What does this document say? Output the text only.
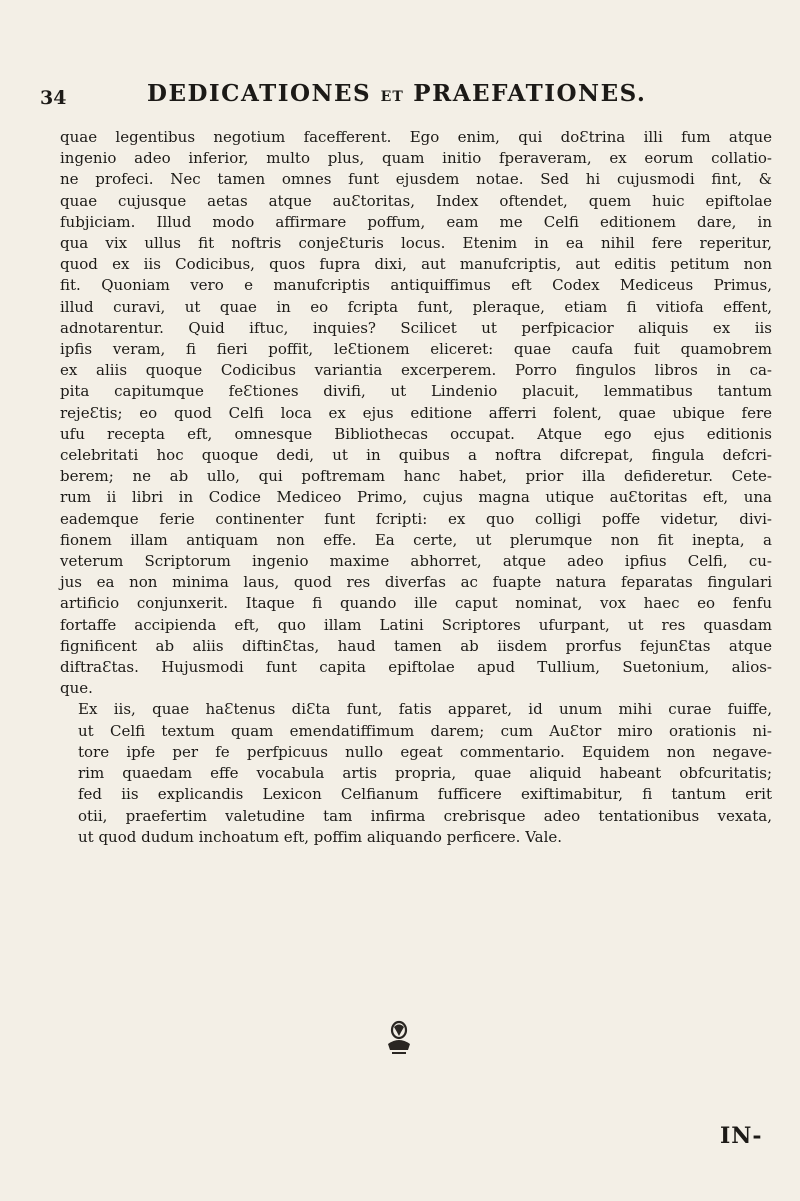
34	DEDICATIONES ET PRAEFATIONES.

quae legentibus negotium facefferent. Ego enim, qui doƐtrina illi fum atque
ingenio adeo inferior, multo plus, quam initio fperaveram, ex eorum collatio-
ne profeci. Nec tamen omnes funt ejusdem notae. Sed hi cujusmodi fint, &
quae cujusque aetas atque auƐtoritas, Index oftendet, quem huic epiftolae
fubjiciam. Illud modo affirmare poffum, eam me Celfi editionem dare, in
qua vix ullus fit noftris conjeƐturis locus. Etenim in ea nihil fere reperitur,
quod ex iis Codicibus, quos fupra dixi, aut manufcriptis, aut editis petitum non
fit. Quoniam vero e manufcriptis antiquiffimus eft Codex Mediceus Primus,
illud curavi, ut quae in eo fcripta funt, pleraque, etiam fi vitiofa effent,
adnotarentur. Quid iftuc, inquies? Scilicet ut perfpicacior aliquis ex iis
ipfis veram, fi fieri poffit, leƐtionem eliceret: quae caufa fuit quamobrem
ex aliis quoque Codicibus variantia excerperem. Porro fingulos libros in ca-
pita capitumque feƐtiones divifi, ut Lindenio placuit, lemmatibus tantum
rejeƐtis; eo quod Celfi loca ex ejus editione afferri folent, quae ubique fere
ufu recepta eft, omnesque Bibliothecas occupat. Atque ego ejus editionis
celebritati hoc quoque dedi, ut in quibus a noftra difcrepat, fingula defcri-
berem; ne ab ullo, qui poftremam hanc habet, prior illa defideretur. Cete-
rum ii libri in Codice Mediceo Primo, cujus magna utique auƐtoritas eft, una
eademque ferie continenter funt fcripti: ex quo colligi poffe videtur, divi-
fionem illam antiquam non effe. Ea certe, ut plerumque non fit inepta, a
veterum Scriptorum ingenio maxime abhorret, atque adeo ipfius Celfi, cu-
jus ea non minima laus, quod res diverfas ac fuapte natura feparatas fingulari
artificio conjunxerit. Itaque fi quando ille caput nominat, vox haec eo fenfu
fortaffe accipienda eft, quo illam Latini Scriptores ufurpant, ut res quasdam
fignificent ab aliis diftinƐtas, haud tamen ab iisdem prorfus fejunƐtas atque
diftraƐtas. Hujusmodi funt capita epiftolae apud Tullium, Suetonium, alios-
que.

Ex iis, quae haƐtenus diƐta funt, fatis apparet, id unum mihi curae fuiffe,
ut Celfi textum quam emendatiffimum darem; cum AuƐtor miro orationis ni-
tore ipfe per fe perfpicuus nullo egeat commentario. Equidem non negave-
rim quaedam effe vocabula artis propria, quae aliquid habeant obfcuritatis;
fed iis explicandis Lexicon Celfianum fufficere exiftimabitur, fi tantum erit
otii, praefertim valetudine tam infirma crebrisque adeo tentationibus vexata,
ut quod dudum inchoatum eft, poffim aliquando perficere. Vale.

IN-
